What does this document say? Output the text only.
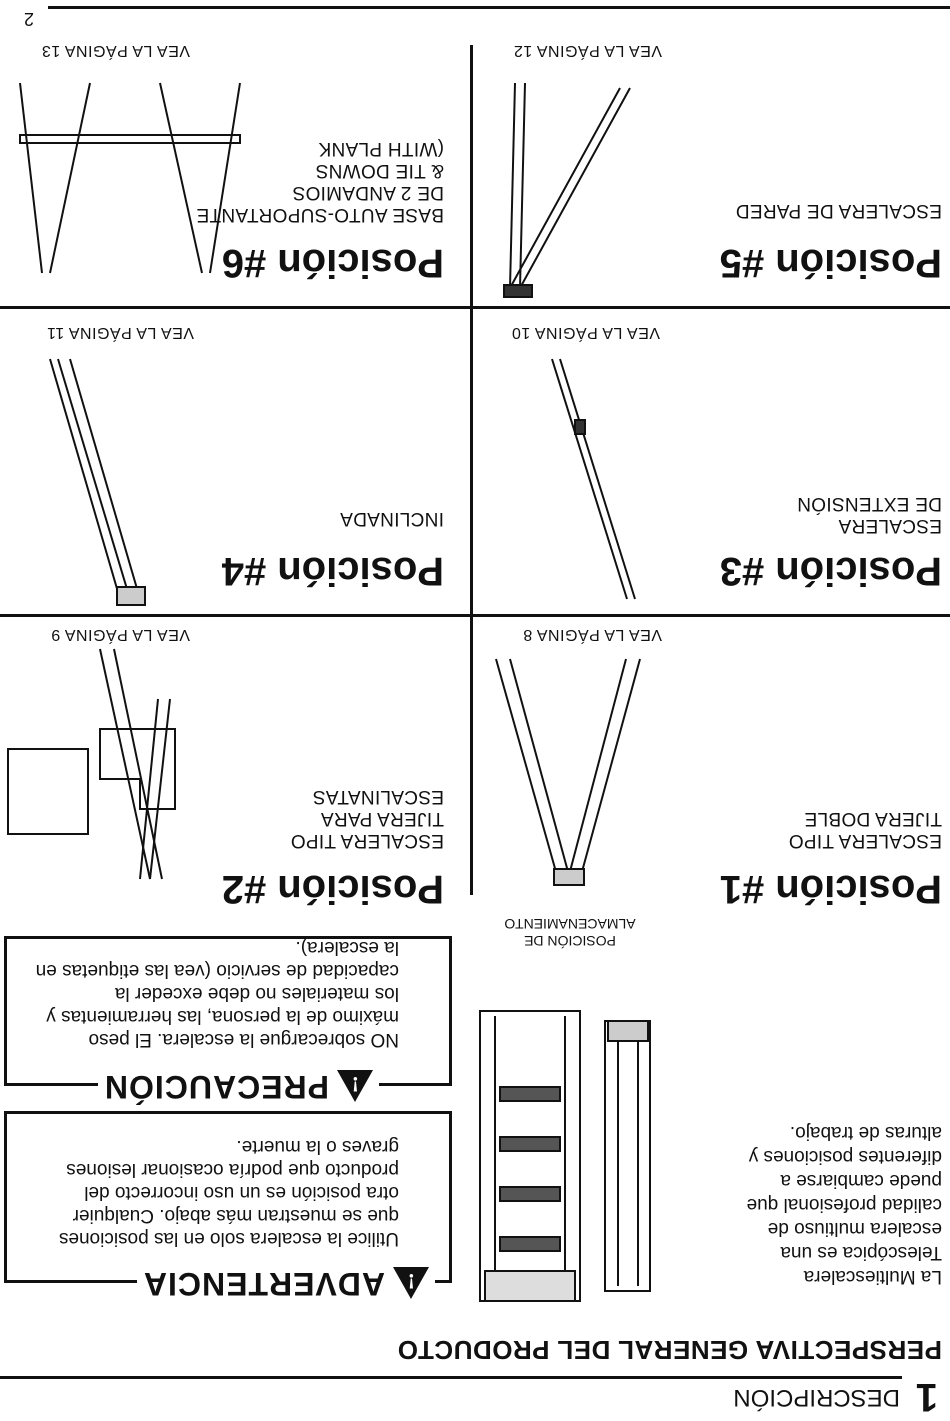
1
DESCRIPCIÓN
PERSPECTIVA GENERAL DEL PRODUCTO
La Multiescalera Telescópica es una escalera multiuso de calidad profesional que puede cambiarse a diferentes posiciones y alturas de trabajo.
POSICIÓN DE ALMACENAMIENTO
!
ADVERTENCIA
Utilice la escalera solo en las posiciones que se muestran más abajo. Cualquier otra posición es un uso incorrecto del producto que podría ocasionar lesiones graves o la muerte.
!
PRECAUCIÓN
NO sobrecargue la escalera. El peso máximo de la persona, las herramientas y los materiales no debe exceder la capacidad de servicio (vea las etiquetas en la escalera).
Posición #1
ESCALERA TIPO
TIJERA DOBLE
VEA LA PÁGINA 8
Posición #2
ESCALERA TIPO
TIJERA PARA
ESCALINATAS
VEA LA PÁGINA 9
Posición #3
ESCALERA
DE EXTENSIÓN
VEA LA PÁGINA 10
Posición #4
INCLINADA
VEA LA PÁGINA 11
Posición #5
ESCALERA DE PARED
VEA LA PÁGINA 12
Posición #6
BASE AUTO-SUPORTANTE
DE 2 ANDAMIOS
& TIE DOWNS
(WITH PLANK
VEA LA PÁGINA 13
2
